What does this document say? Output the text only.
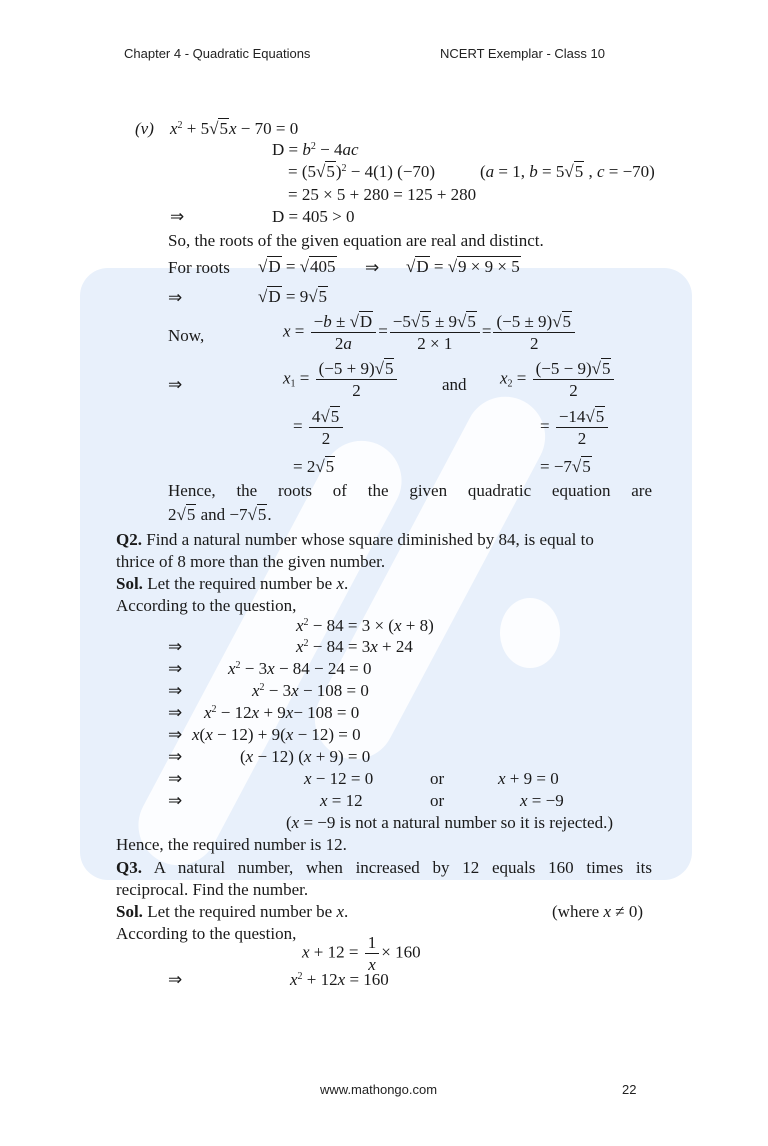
Chapter 4 - Quadratic Equations	NCERT Exemplar - Class 10
(v) $x^2 + 5√5x - 70 = 0$
$D = b^2 - 4ac$
= $(5√5)^2 - 4(1)$ (−70)	(a = 1, b = 5√5 , c = −70)
= 25 × 5 + 280 = 125 + 280
⇒	D = 405 > 0
So, the roots of the given equation are real and distinct.
For roots √D = √405 ⇒ √D = √9 × 9 × 5
⇒	√D = 9√5
Now,	$x = \frac{-b \pm √D}{2a} = \frac{-5√5 \pm 9√5}{2 \times 1} = \frac{(-5 \pm 9)√5}{2}$
⇒	$x_1 = \frac{(-5 + 9)√5}{2}$	and $x_2 = \frac{(-5 - 9)√5}{2}$
= $\frac{4√5}{2}$	= $\frac{-14√5}{2}$
= 2√5	= −7√5
Hence, the roots of the given quadratic equation are
2√5 and −7√5.
Q2. Find a natural number whose square diminished by 84, is equal to
thrice of 8 more than the given number.
Sol. Let the required number be x.
According to the question,
$x^2 - 84 = 3 \times (x + 8)$
⇒	$x^2 - 84 = 3x + 24$
⇒	$x^2 - 3x - 84 - 24 = 0$
⇒	$x^2 - 3x - 108 = 0$
⇒ $x^2 - 12x + 9x- 108 = 0$
⇒ x(x − 12) + 9(x − 12) = 0
⇒	(x − 12) (x + 9) = 0
⇒	x − 12 = 0	or	x + 9 = 0
⇒	x = 12	or	x = −9
(x = −9 is not a natural number so it is rejected.)
Hence, the required number is 12.
Q3. A natural number, when increased by 12 equals 160 times its
reciprocal. Find the number.
Sol. Let the required number be x.	(where x ≠ 0)
According to the question,
$x + 12 = \frac{1}{x} \times 160$
⇒	$x^2 + 12x = 160$
www.mathongo.com	22
